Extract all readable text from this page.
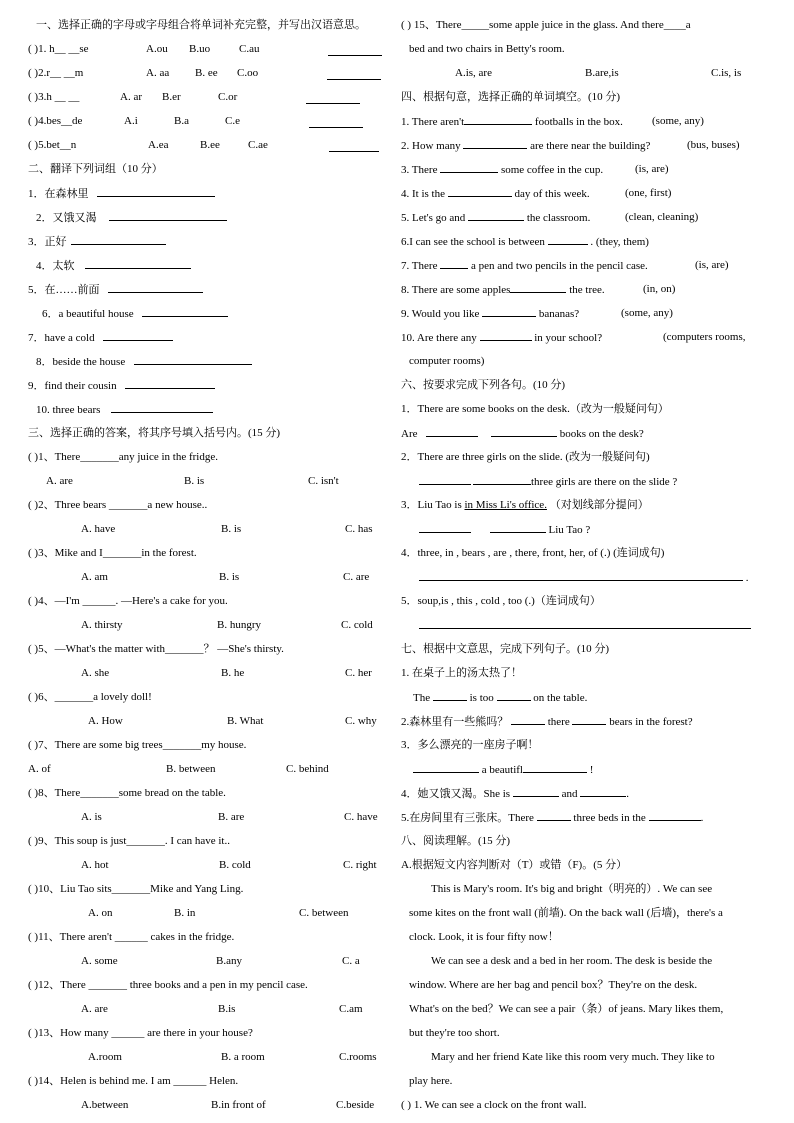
一、选择正确的字母或字母组合将单词补充完整，并写出汉语意思。
( )1. h__ __se	A.ou B.uo	C.au
( )2.r__ __m	A. aa B. ee C.oo
( )3.h __ __	A. ar B.er	C.or
( )4.bes__de	A.i	B.a	C.e
( )5.bet__n	A.ea	B.ee	C.ae
二、翻译下列词组（10 分）
1．在森林里
2．又饿又渴
3．正好
4．太软
5．在……前面
6．a beautiful house
7．have a cold
8．beside the house
9．find their cousin
10. three bears
三、选择正确的答案，将其序号填入括号内。(15 分)
( )1、There_______any juice in the fridge.
A. are	B. is	C. isn't
( )2、Three bears _______a new house..
A. have	B. is	C. has
( )3、Mike and I_______in the forest.
A. am	B. is	C. are
( )4、—I'm ______. —Here's a cake for you.
A. thirsty	B. hungry	C. cold
( )5、—What's the matter with_______？ —She's thirsty.
A. she	B. he	C. her
( )6、_______a lovely doll!
A. How	B. What	C. why
( )7、There are some big trees_______my house.
A. of	B. between	C. behind
( )8、There_______some bread on the table.
A. is	B. are	C. have
( )9、This soup is just_______. I can have it..
A. hot	B. cold	C. right
( )10、Liu Tao sits_______Mike and Yang Ling.
A. on	B. in	C. between
( )11、There aren't ______ cakes in the fridge.
A. some	B.any	C. a
( )12、There _______ three books and a pen in my pencil case.
A. are	B.is	C.am
( )13、How many ______ are there in your house?
A.room	B. a room	C.rooms
( )14、Helen is behind me. I am ______ Helen.
A.between	B.in front of	C.beside
( ) 15、There_____some apple juice in the glass. And there____a
bed and two chairs in Betty's room.
A.is, are	B.are,is	C.is, is
四、根据句意，选择正确的单词填空。(10 分)
1. There aren't	footballs in the box.	(some, any)
2. How many	are there near the building?	(bus, buses)
3. There	some coffee in the cup.	(is, are)
4. It is the	day of this week.	(one, first)
5. Let's go and	the classroom.	(clean, cleaning)
6.I can see the school is between	. (they, them)
7. There	a pen and two pencils in the pencil case.	(is, are)
8. There are some apples	the tree.	(in, on)
9. Would you like	bananas?	(some, any)
10. Are there any	in your school?	(computers rooms,
computer rooms)
六、按要求完成下列各句。(10 分)
1．There are some books on the desk.（改为一般疑问句）
Are	books on the desk?
2．There are three girls on the slide. (改为一般疑问句)
three girls are there on the slide ?
3．Liu Tao is in Miss Li's office. （对划线部分提问）
Liu Tao ?
4．three, in , bears , are , there, front, her, of (.) (连词成句)
.
5．soup,is , this , cold , too (.)（连词成句）
七、根据中文意思，完成下列句子。(10 分)
1. 在桌子上的汤太热了！
The	is too	on the table.
2.森林里有一些熊吗？	there	bears in the forest?
3．多么漂亮的一座房子啊！
a beautifl	!
4．她又饿又渴。She is	and	.
5.在房间里有三张床。There	three beds in the	.
八、阅读理解。(15 分)
A.根据短文内容判断对（T）或错（F)。(5 分）
This is Mary's room. It's big and bright（明亮的）. We can see
some kites on the front wall (前墙). On the back wall (后墙)，there's a
clock. Look, it is four fifty now！
We can see a desk and a bed in her room. The desk is beside the
window. Where are her bag and pencil box？They're on the desk.
What's on the bed？We can see a pair（条）of jeans. Mary likes them,
but they're too short.
Mary and her friend Kate like this room very much. They like to
play here.
( ) 1. We can see a clock on the front wall.
